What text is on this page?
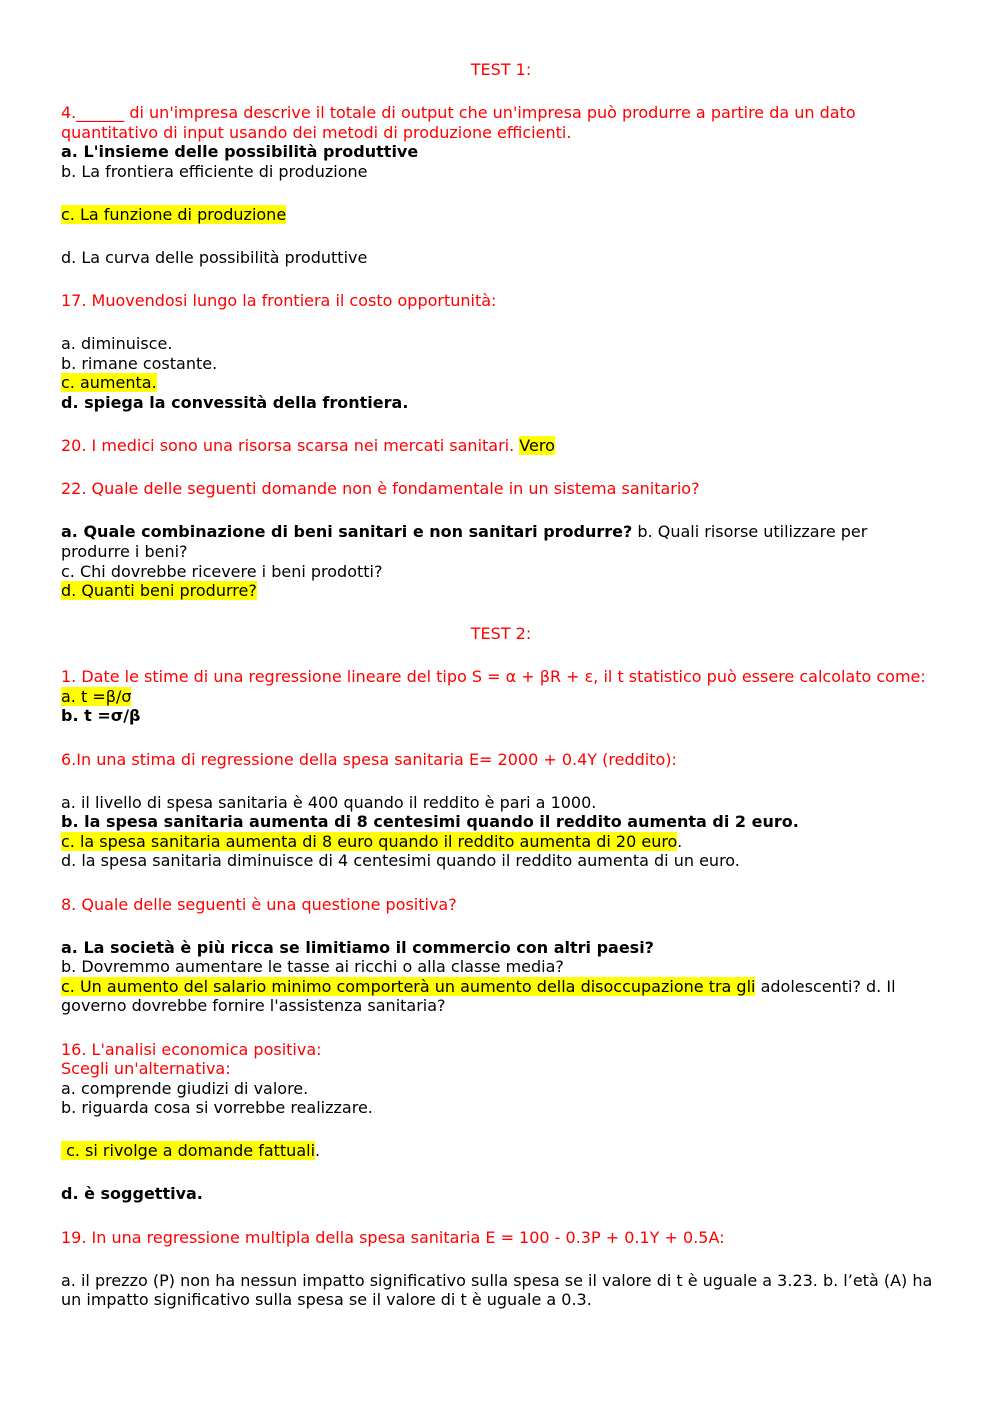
TEST 1:
4.______ di un'impresa descrive il totale di output che un'impresa può produrre a partire da un dato quantitativo di input usando dei metodi di produzione efficienti.
a. L'insieme delle possibilità produttive
b. La frontiera efficiente di produzione
c. La funzione di produzione
d. La curva delle possibilità produttive
17. Muovendosi lungo la frontiera il costo opportunità:
a. diminuisce.
b. rimane costante.
c. aumenta.
d. spiega la convessità della frontiera.
20. I medici sono una risorsa scarsa nei mercati sanitari. Vero
22. Quale delle seguenti domande non è fondamentale in un sistema sanitario?
a. Quale combinazione di beni sanitari e non sanitari produrre? b. Quali risorse utilizzare per produrre i beni?
c. Chi dovrebbe ricevere i beni prodotti?
d. Quanti beni produrre?
TEST 2:
1. Date le stime di una regressione lineare del tipo S = α + βR + ε, il t statistico può essere calcolato come:
a. t =β/σ
b. t =σ/β
6.In una stima di regressione della spesa sanitaria E= 2000 + 0.4Y (reddito):
a. il livello di spesa sanitaria è 400 quando il reddito è pari a 1000.
b. la spesa sanitaria aumenta di 8 centesimi quando il reddito aumenta di 2 euro.
c. la spesa sanitaria aumenta di 8 euro quando il reddito aumenta di 20 euro.
d. la spesa sanitaria diminuisce di 4 centesimi quando il reddito aumenta di un euro.
8. Quale delle seguenti è una questione positiva?
a. La società è più ricca se limitiamo il commercio con altri paesi?
b. Dovremmo aumentare le tasse ai ricchi o alla classe media?
c. Un aumento del salario minimo comporterà un aumento della disoccupazione tra gli adolescenti? d. Il governo dovrebbe fornire l'assistenza sanitaria?
16. L'analisi economica positiva:
Scegli un'alternativa:
a. comprende giudizi di valore.
b. riguarda cosa si vorrebbe realizzare.
c. si rivolge a domande fattuali.
d. è soggettiva.
19. In una regressione multipla della spesa sanitaria E = 100 - 0.3P + 0.1Y + 0.5A:
a. il prezzo (P) non ha nessun impatto significativo sulla spesa se il valore di t è uguale a 3.23. b. l’età (A) ha un impatto significativo sulla spesa se il valore di t è uguale a 0.3.
